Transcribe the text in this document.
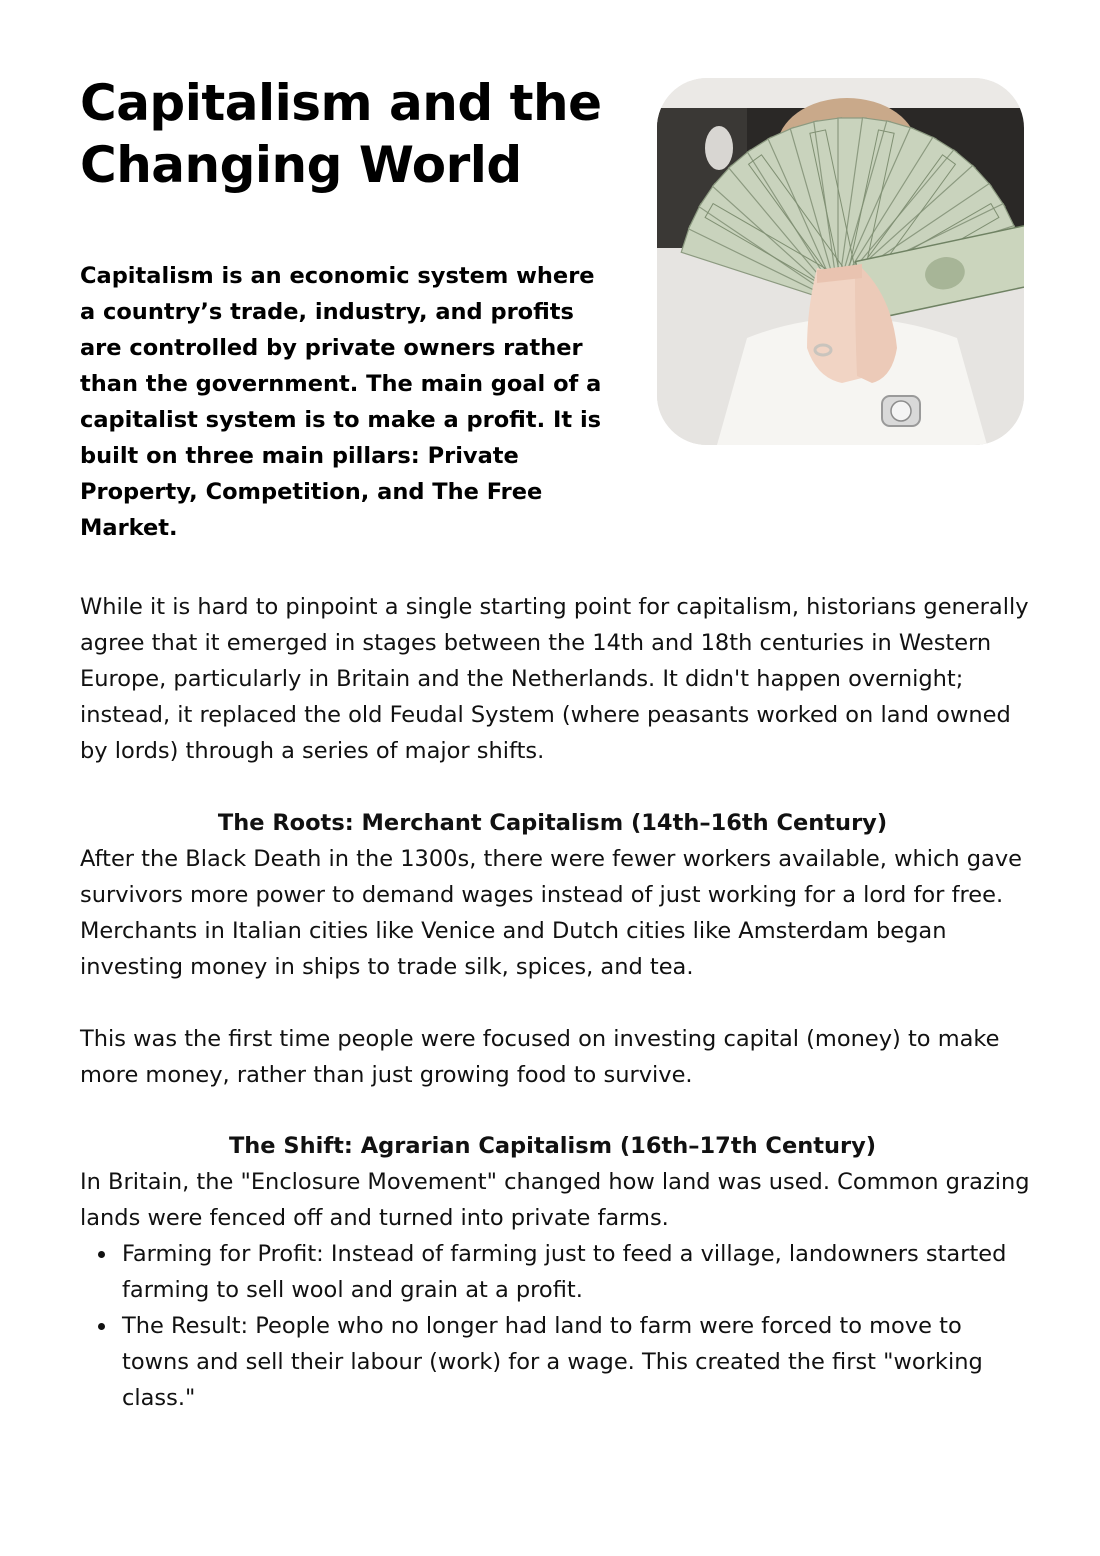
Capitalism and the
Changing World

Capitalism is an economic system where a country’s trade, industry, and profits are controlled by private owners rather than the government. The main goal of a capitalist system is to make a profit. It is built on three main pillars: Private Property, Competition, and The Free Market.

While it is hard to pinpoint a single starting point for capitalism, historians generally agree that it emerged in stages between the 14th and 18th centuries in Western Europe, particularly in Britain and the Netherlands. It didn't happen overnight; instead, it replaced the old Feudal System (where peasants worked on land owned by lords) through a series of major shifts.

The Roots: Merchant Capitalism (14th–16th Century)

After the Black Death in the 1300s, there were fewer workers available, which gave survivors more power to demand wages instead of just working for a lord for free. Merchants in Italian cities like Venice and Dutch cities like Amsterdam began investing money in ships to trade silk, spices, and tea.

This was the first time people were focused on investing capital (money) to make more money, rather than just growing food to survive.

The Shift: Agrarian Capitalism (16th–17th Century)

In Britain, the "Enclosure Movement" changed how land was used. Common grazing lands were fenced off and turned into private farms.

Farming for Profit: Instead of farming just to feed a village, landowners started farming to sell wool and grain at a profit.
The Result: People who no longer had land to farm were forced to move to towns and sell their labour (work) for a wage. This created the first "working class."
